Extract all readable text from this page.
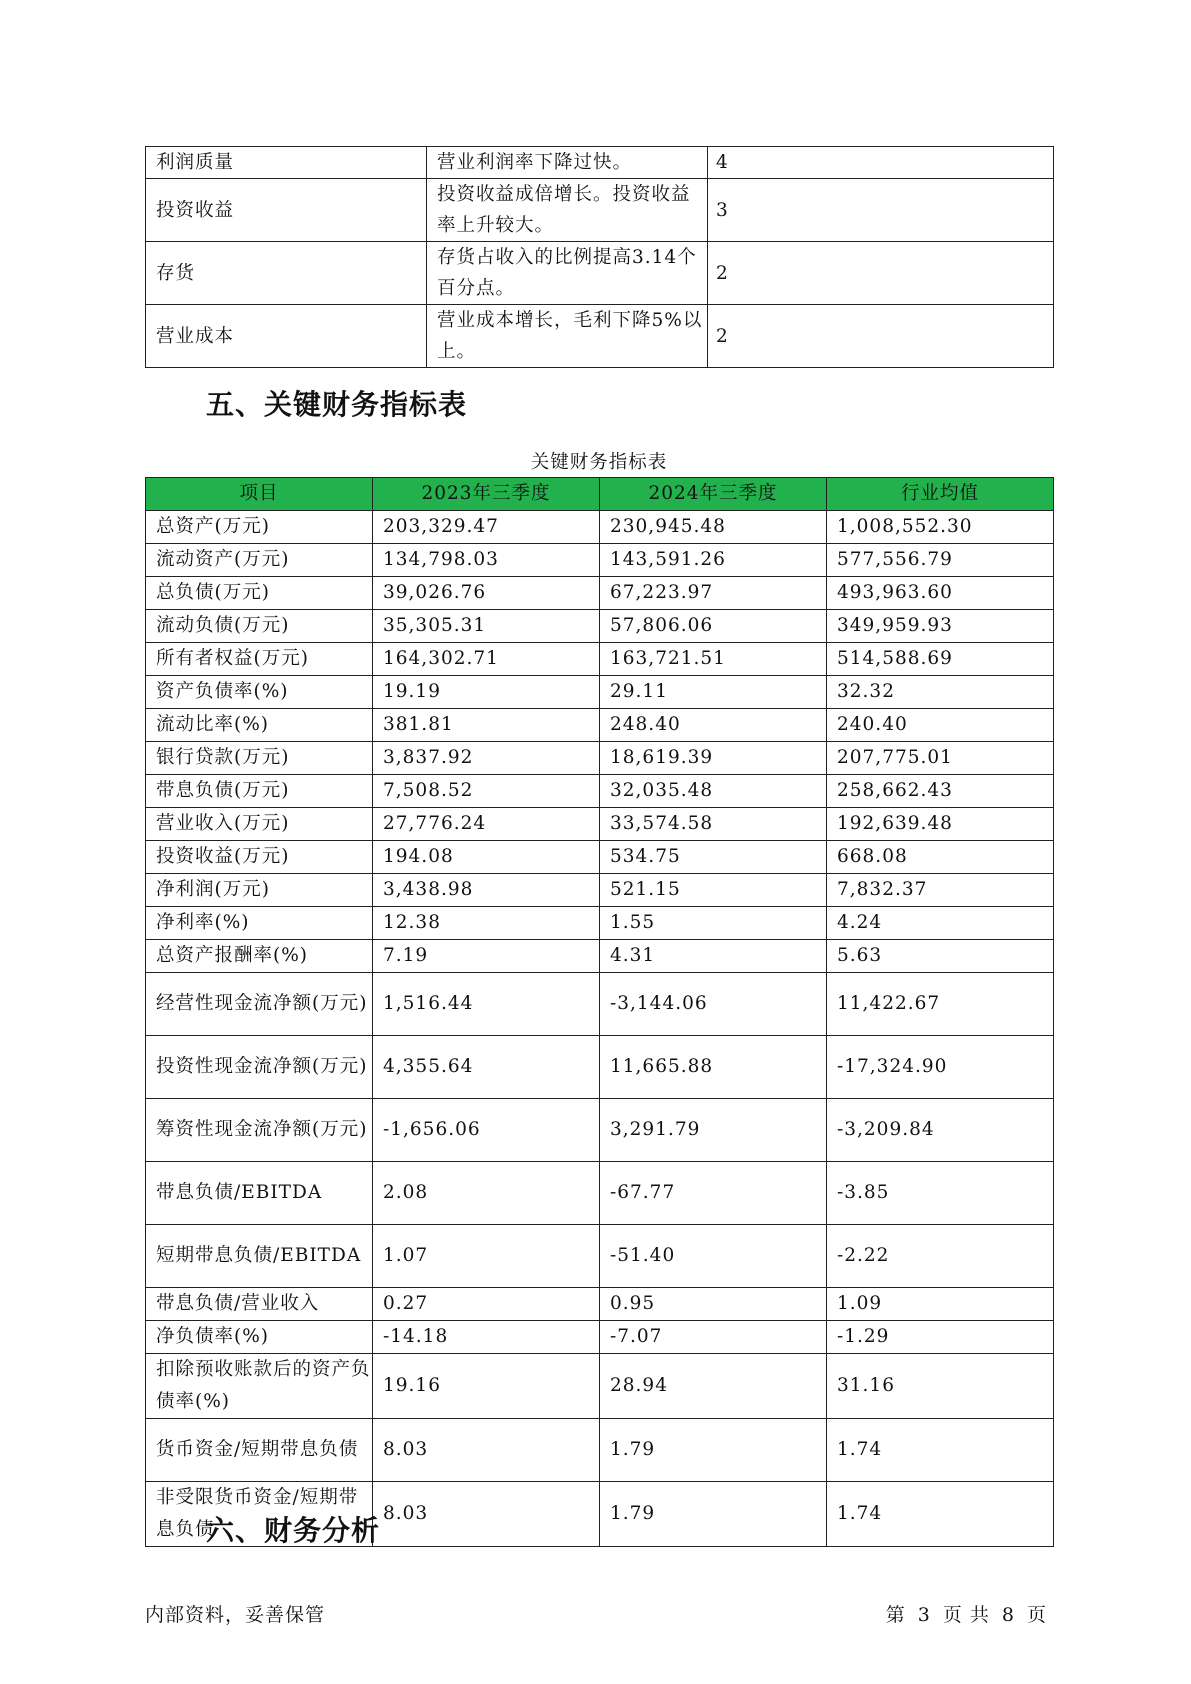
利润质量	营业利润率下降过快。	4
投资收益	投资收益成倍增长。投资收益率上升较大。	3
存货	存货占收入的比例提高3.14个百分点。	2
营业成本	营业成本增长，毛利下降5%以上。	2
五、关键财务指标表
关键财务指标表
项目	2023年三季度	2024年三季度	行业均值
总资产(万元)	203,329.47	230,945.48	1,008,552.30
流动资产(万元)	134,798.03	143,591.26	577,556.79
总负债(万元)	39,026.76	67,223.97	493,963.60
流动负债(万元)	35,305.31	57,806.06	349,959.93
所有者权益(万元)	164,302.71	163,721.51	514,588.69
资产负债率(%)	19.19	29.11	32.32
流动比率(%)	381.81	248.40	240.40
银行贷款(万元)	3,837.92	18,619.39	207,775.01
带息负债(万元)	7,508.52	32,035.48	258,662.43
营业收入(万元)	27,776.24	33,574.58	192,639.48
投资收益(万元)	194.08	534.75	668.08
净利润(万元)	3,438.98	521.15	7,832.37
净利率(%)	12.38	1.55	4.24
总资产报酬率(%)	7.19	4.31	5.63
经营性现金流净额(万元)	1,516.44	-3,144.06	11,422.67
投资性现金流净额(万元)	4,355.64	11,665.88	-17,324.90
筹资性现金流净额(万元)	-1,656.06	3,291.79	-3,209.84
带息负债/EBITDA	2.08	-67.77	-3.85
短期带息负债/EBITDA	1.07	-51.40	-2.22
带息负债/营业收入	0.27	0.95	1.09
净负债率(%)	-14.18	-7.07	-1.29
扣除预收账款后的资产负债率(%)	19.16	28.94	31.16
货币资金/短期带息负债	8.03	1.79	1.74
非受限货币资金/短期带息负债	8.03	1.79	1.74
六、财务分析
内部资料，妥善保管	第 3 页 共 8 页
